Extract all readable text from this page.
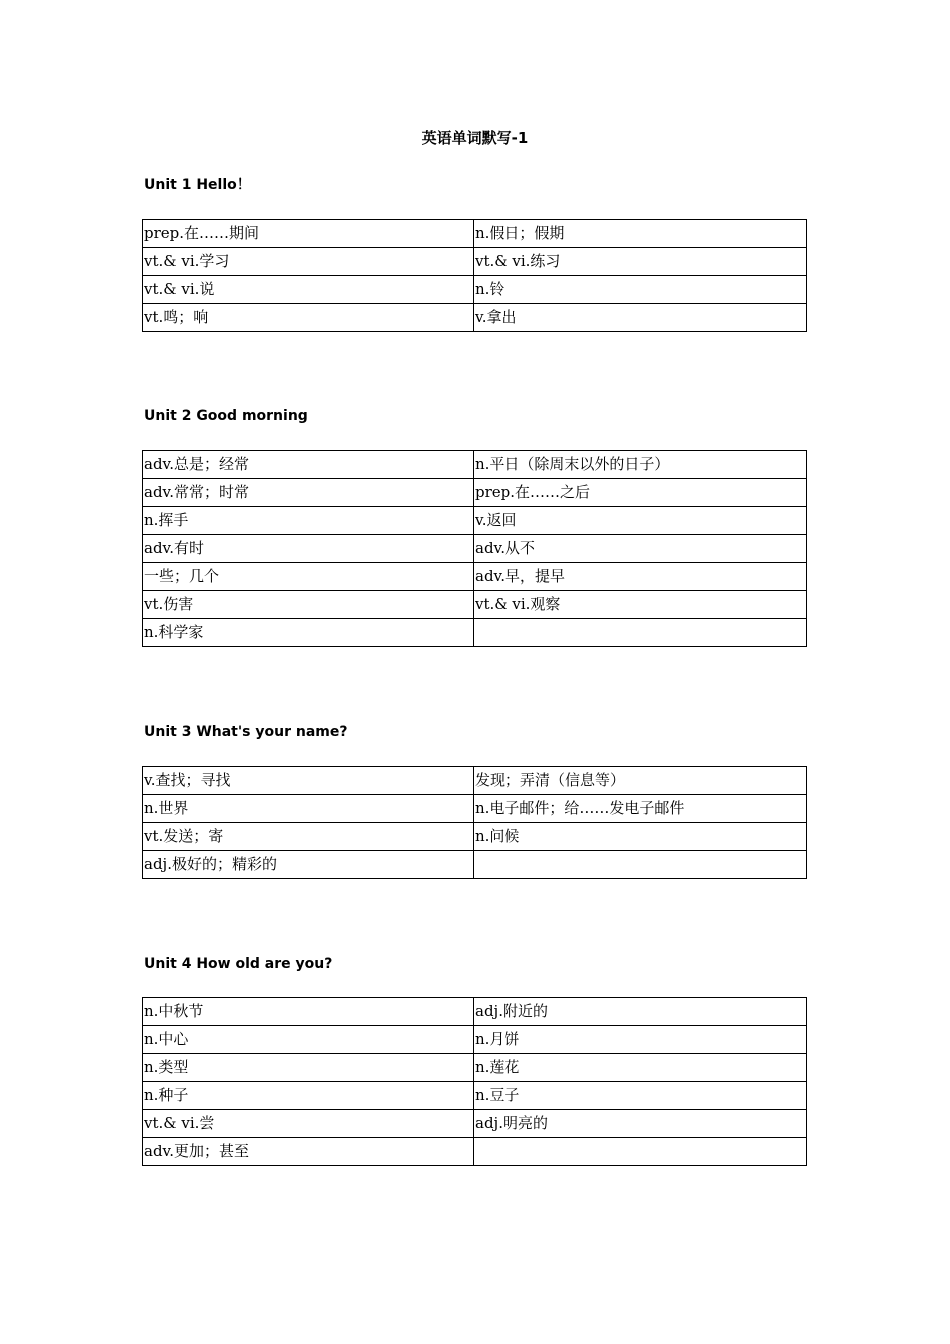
英语单词默写-1
Unit 1 Hello！
prep.在……期间	n.假日；假期
vt.& vi.学习	vt.& vi.练习
vt.& vi.说	n.铃
vt.鸣；响	v.拿出
Unit 2 Good morning
adv.总是；经常	n.平日（除周末以外的日子）
adv.常常；时常	prep.在……之后
n.挥手	v.返回
adv.有时	adv.从不
一些；几个	adv.早，提早
vt.伤害	vt.& vi.观察
n.科学家	
Unit 3 What's your name?
v.查找；寻找	发现；弄清（信息等）
n.世界	n.电子邮件；给……发电子邮件
vt.发送；寄	n.问候
adj.极好的；精彩的	
Unit 4 How old are you?
n.中秋节	adj.附近的
n.中心	n.月饼
n.类型	n.莲花
n.种子	n.豆子
vt.& vi.尝	adj.明亮的
adv.更加；甚至	
